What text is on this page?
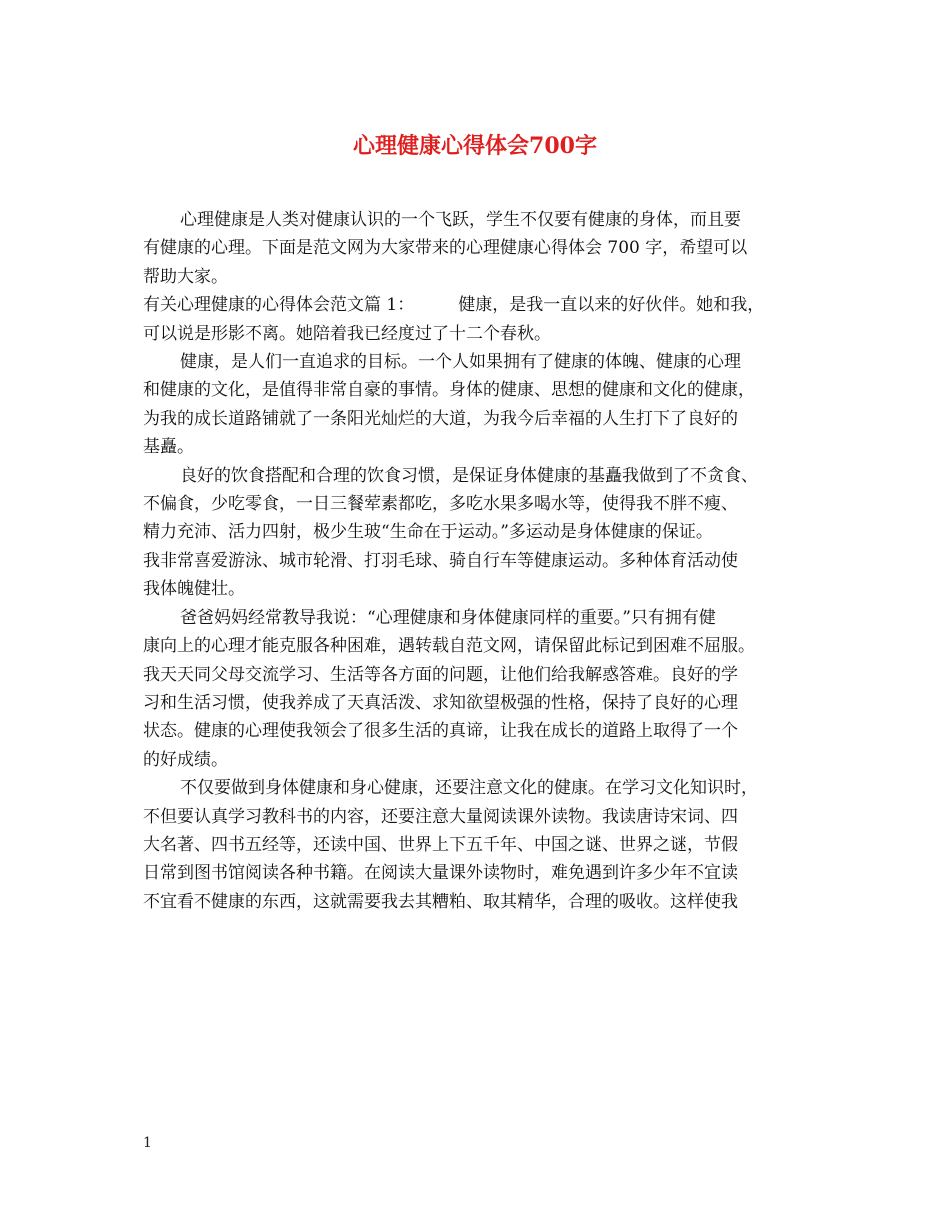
心理健康心得体会700字
心理健康是人类对健康认识的一个飞跃，学生不仅要有健康的身体，而且要
有健康的心理。下面是范文网为大家带来的心理健康心得体会 700 字，希望可以
帮助大家。
有关心理健康的心得体会范文篇 1：	健康，是我一直以来的好伙伴。她和我，
可以说是形影不离。她陪着我已经度过了十二个春秋。
健康，是人们一直追求的目标。一个人如果拥有了健康的体魄、健康的心理
和健康的文化，是值得非常自豪的事情。身体的健康、思想的健康和文化的健康，
为我的成长道路铺就了一条阳光灿烂的大道，为我今后幸福的人生打下了良好的
基矗。
良好的饮食搭配和合理的饮食习惯，是保证身体健康的基矗我做到了不贪食、
不偏食，少吃零食，一日三餐荤素都吃，多吃水果多喝水等，使得我不胖不瘦、
精力充沛、活力四射，极少生玻“生命在于运动。”多运动是身体健康的保证。
我非常喜爱游泳、城市轮滑、打羽毛球、骑自行车等健康运动。多种体育活动使
我体魄健壮。
爸爸妈妈经常教导我说：“心理健康和身体健康同样的重要。”只有拥有健
康向上的心理才能克服各种困难，遇转载自范文网，请保留此标记到困难不屈服。
我天天同父母交流学习、生活等各方面的问题，让他们给我解惑答难。良好的学
习和生活习惯，使我养成了天真活泼、求知欲望极强的性格，保持了良好的心理
状态。健康的心理使我领会了很多生活的真谛，让我在成长的道路上取得了一个
的好成绩。
不仅要做到身体健康和身心健康，还要注意文化的健康。在学习文化知识时，
不但要认真学习教科书的内容，还要注意大量阅读课外读物。我读唐诗宋词、四
大名著、四书五经等，还读中国、世界上下五千年、中国之谜、世界之谜，节假
日常到图书馆阅读各种书籍。在阅读大量课外读物时，难免遇到许多少年不宜读
不宜看不健康的东西，这就需要我去其糟粕、取其精华，合理的吸收。这样使我
1
